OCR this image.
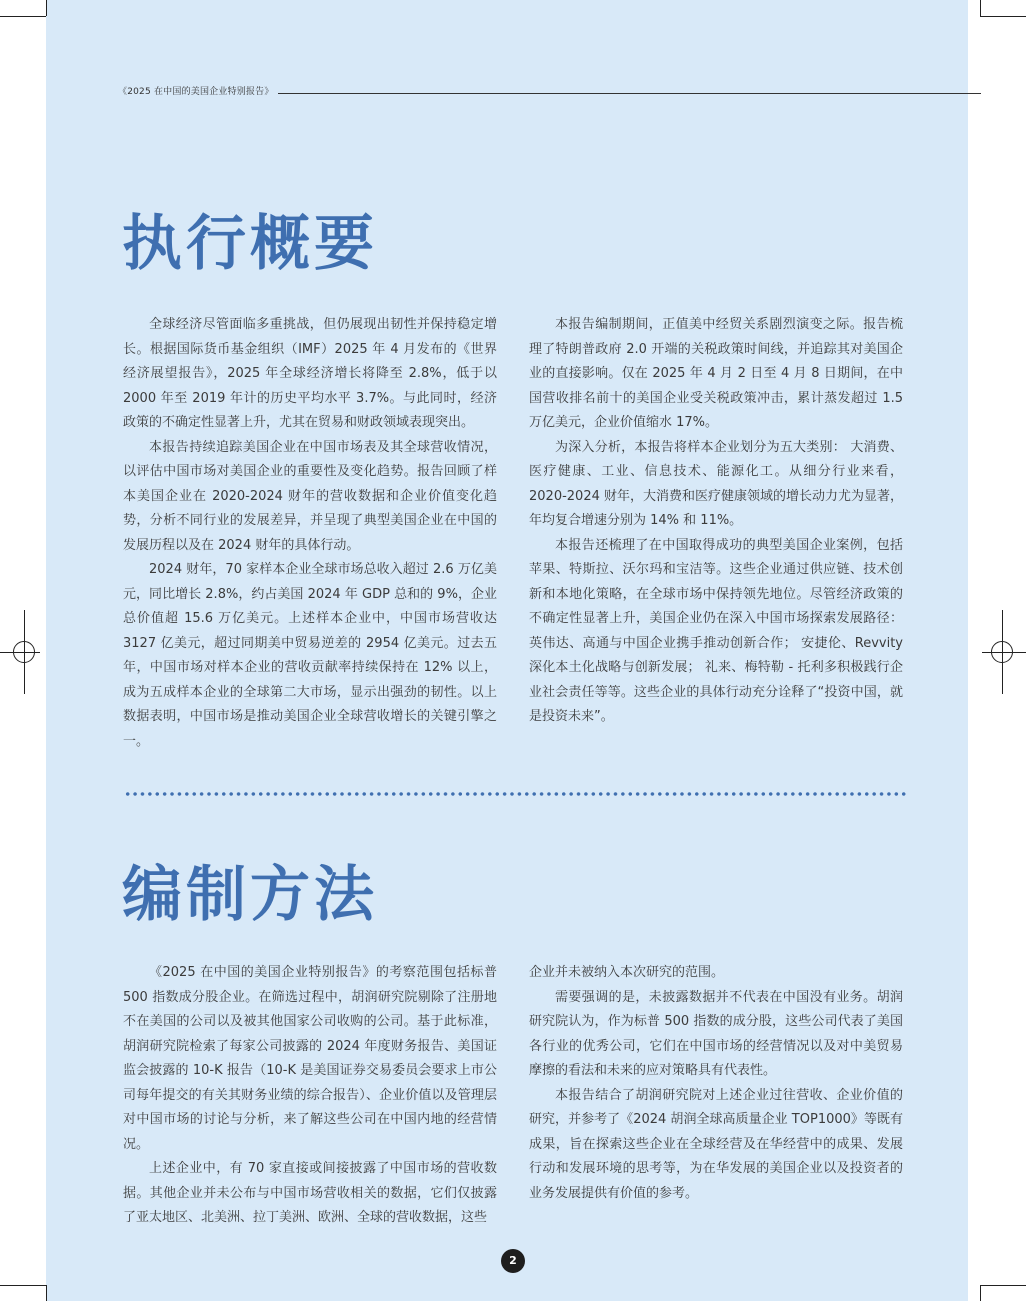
《2025 在中国的美国企业特别报告》
执行概要

全球经济尽管面临多重挑战，但仍展现出韧性并保持稳定增长。根据国际货币基金组织（IMF）2025 年 4 月发布的《世界经济展望报告》，2025 年全球经济增长将降至 2.8%，低于以 2000 年至 2019 年计的历史平均水平 3.7%。与此同时，经济政策的不确定性显著上升，尤其在贸易和财政领域表现突出。

本报告持续追踪美国企业在中国市场表及其全球营收情况，以评估中国市场对美国企业的重要性及变化趋势。报告回顾了样本美国企业在 2020-2024 财年的营收数据和企业价值变化趋势，分析不同行业的发展差异，并呈现了典型美国企业在中国的发展历程以及在 2024 财年的具体行动。

2024 财年，70 家样本企业全球市场总收入超过 2.6 万亿美元，同比增长 2.8%，约占美国 2024 年 GDP 总和的 9%，企业总价值超 15.6 万亿美元。上述样本企业中，中国市场营收达 3127 亿美元，超过同期美中贸易逆差的 2954 亿美元。过去五年，中国市场对样本企业的营收贡献率持续保持在 12% 以上，成为五成样本企业的全球第二大市场，显示出强劲的韧性。以上数据表明，中国市场是推动美国企业全球营收增长的关键引擎之一。

本报告编制期间，正值美中经贸关系剧烈演变之际。报告梳理了特朗普政府 2.0 开端的关税政策时间线，并追踪其对美国企业的直接影响。仅在 2025 年 4 月 2 日至 4 月 8 日期间，在中国营收排名前十的美国企业受关税政策冲击，累计蒸发超过 1.5 万亿美元，企业价值缩水 17%。

为深入分析，本报告将样本企业划分为五大类别： 大消费、医疗健康、工业、信息技术、能源化工。从细分行业来看，2020-2024 财年，大消费和医疗健康领域的增长动力尤为显著，年均复合增速分别为 14% 和 11%。

本报告还梳理了在中国取得成功的典型美国企业案例，包括苹果、特斯拉、沃尔玛和宝洁等。这些企业通过供应链、技术创新和本地化策略，在全球市场中保持领先地位。尽管经济政策的不确定性显著上升，美国企业仍在深入中国市场探索发展路径：英伟达、高通与中国企业携手推动创新合作； 安捷伦、Revvity 深化本土化战略与创新发展； 礼来、梅特勒 - 托利多积极践行企业社会责任等等。这些企业的具体行动充分诠释了“投资中国，就是投资未来”。

编制方法

《2025 在中国的美国企业特别报告》的考察范围包括标普 500 指数成分股企业。在筛选过程中，胡润研究院剔除了注册地不在美国的公司以及被其他国家公司收购的公司。基于此标准，胡润研究院检索了每家公司披露的 2024 年度财务报告、美国证监会披露的 10-K 报告（10-K 是美国证券交易委员会要求上市公司每年提交的有关其财务业绩的综合报告）、企业价值以及管理层对中国市场的讨论与分析，来了解这些公司在中国内地的经营情况。

上述企业中，有 70 家直接或间接披露了中国市场的营收数据。其他企业并未公布与中国市场营收相关的数据，它们仅披露了亚太地区、北美洲、拉丁美洲、欧洲、全球的营收数据，这些

企业并未被纳入本次研究的范围。

需要强调的是，未披露数据并不代表在中国没有业务。胡润研究院认为，作为标普 500 指数的成分股，这些公司代表了美国各行业的优秀公司，它们在中国市场的经营情况以及对中美贸易摩擦的看法和未来的应对策略具有代表性。

本报告结合了胡润研究院对上述企业过往营收、企业价值的研究，并参考了《2024 胡润全球高质量企业 TOP1000》等既有成果，旨在探索这些企业在全球经营及在华经营中的成果、发展行动和发展环境的思考等，为在华发展的美国企业以及投资者的业务发展提供有价值的参考。

2
